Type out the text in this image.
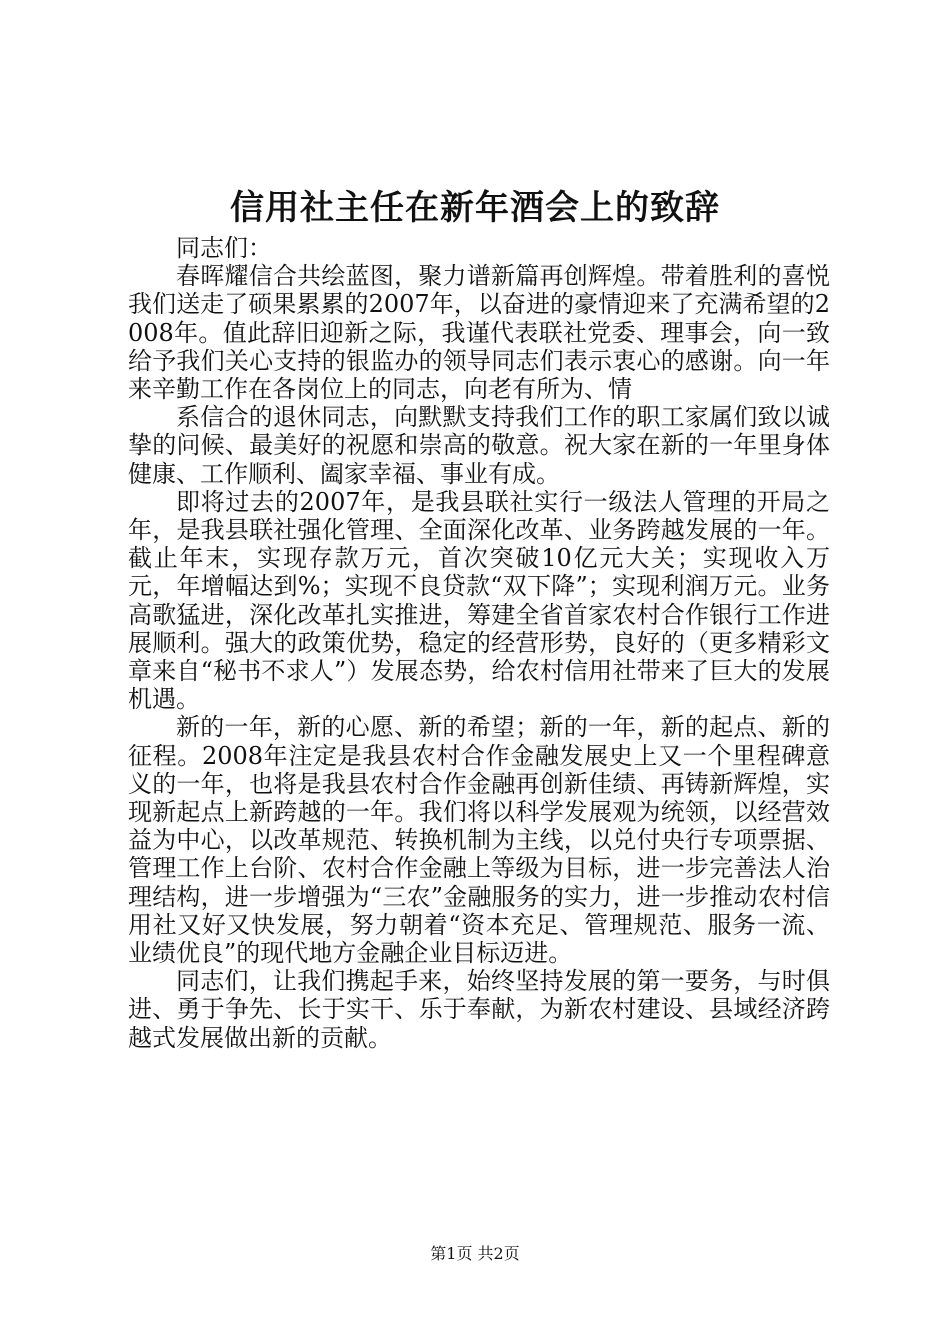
信用社主任在新年酒会上的致辞

同志们：

春晖耀信合共绘蓝图，聚力谱新篇再创辉煌。带着胜利的喜悦我们送走了硕果累累的2007年，以奋进的豪情迎来了充满希望的2008年。值此辞旧迎新之际，我谨代表联社党委、理事会，向一致给予我们关心支持的银监办的领导同志们表示衷心的感谢。向一年来辛勤工作在各岗位上的同志，向老有所为、情

系信合的退休同志，向默默支持我们工作的职工家属们致以诚挚的问候、最美好的祝愿和崇高的敬意。祝大家在新的一年里身体健康、工作顺利、阖家幸福、事业有成。

即将过去的2007年，是我县联社实行一级法人管理的开局之年，是我县联社强化管理、全面深化改革、业务跨越发展的一年。截止年末，实现存款万元，首次突破10亿元大关；实现收入万元，年增幅达到%；实现不良贷款“双下降”；实现利润万元。业务高歌猛进，深化改革扎实推进，筹建全省首家农村合作银行工作进展顺利。强大的政策优势，稳定的经营形势，良好的（更多精彩文章来自“秘书不求人”）发展态势，给农村信用社带来了巨大的发展机遇。

新的一年，新的心愿、新的希望；新的一年，新的起点、新的征程。2008年注定是我县农村合作金融发展史上又一个里程碑意义的一年，也将是我县农村合作金融再创新佳绩、再铸新辉煌，实现新起点上新跨越的一年。我们将以科学发展观为统领，以经营效益为中心，以改革规范、转换机制为主线，以兑付央行专项票据、管理工作上台阶、农村合作金融上等级为目标，进一步完善法人治理结构，进一步增强为“三农”金融服务的实力，进一步推动农村信用社又好又快发展，努力朝着“资本充足、管理规范、服务一流、业绩优良”的现代地方金融企业目标迈进。

同志们，让我们携起手来，始终坚持发展的第一要务，与时俱进、勇于争先、长于实干、乐于奉献，为新农村建设、县域经济跨越式发展做出新的贡献。

第1页 共2页
